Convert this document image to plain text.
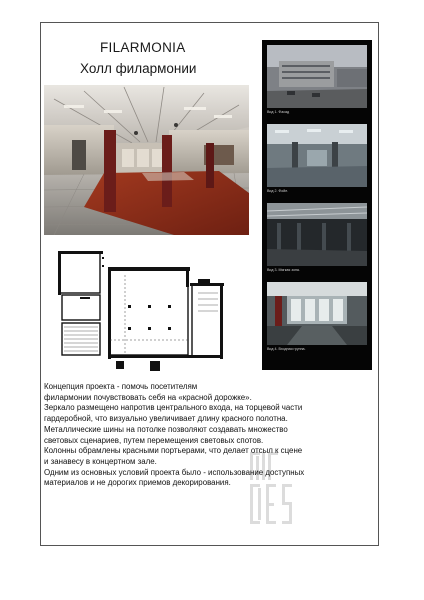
FILARMONIA
Холл филармонии
Вид 1. Фасад
Вид 2. Фойе.
Вид 3. Мягкая зона.
Вид 4. Входная группа.
Концепция проекта - помочь посетителям
филармонии почувствовать себя на «красной дорожке».
Зеркало размещено напротив центрального входа, на торцевой части
гардеробной, что визуально увеличивает длину красного полотна.
Металлические шины на потолке позволяют создавать множество
световых сценариев, путем перемещения световых спотов.
Колонны обрамлены красными портьерами, что делает отсыл к сцене
и занавесу в концертном зале.
Одним из основных условий проекта было - использование доступных
материалов и не дорогих приемов декорирования.
